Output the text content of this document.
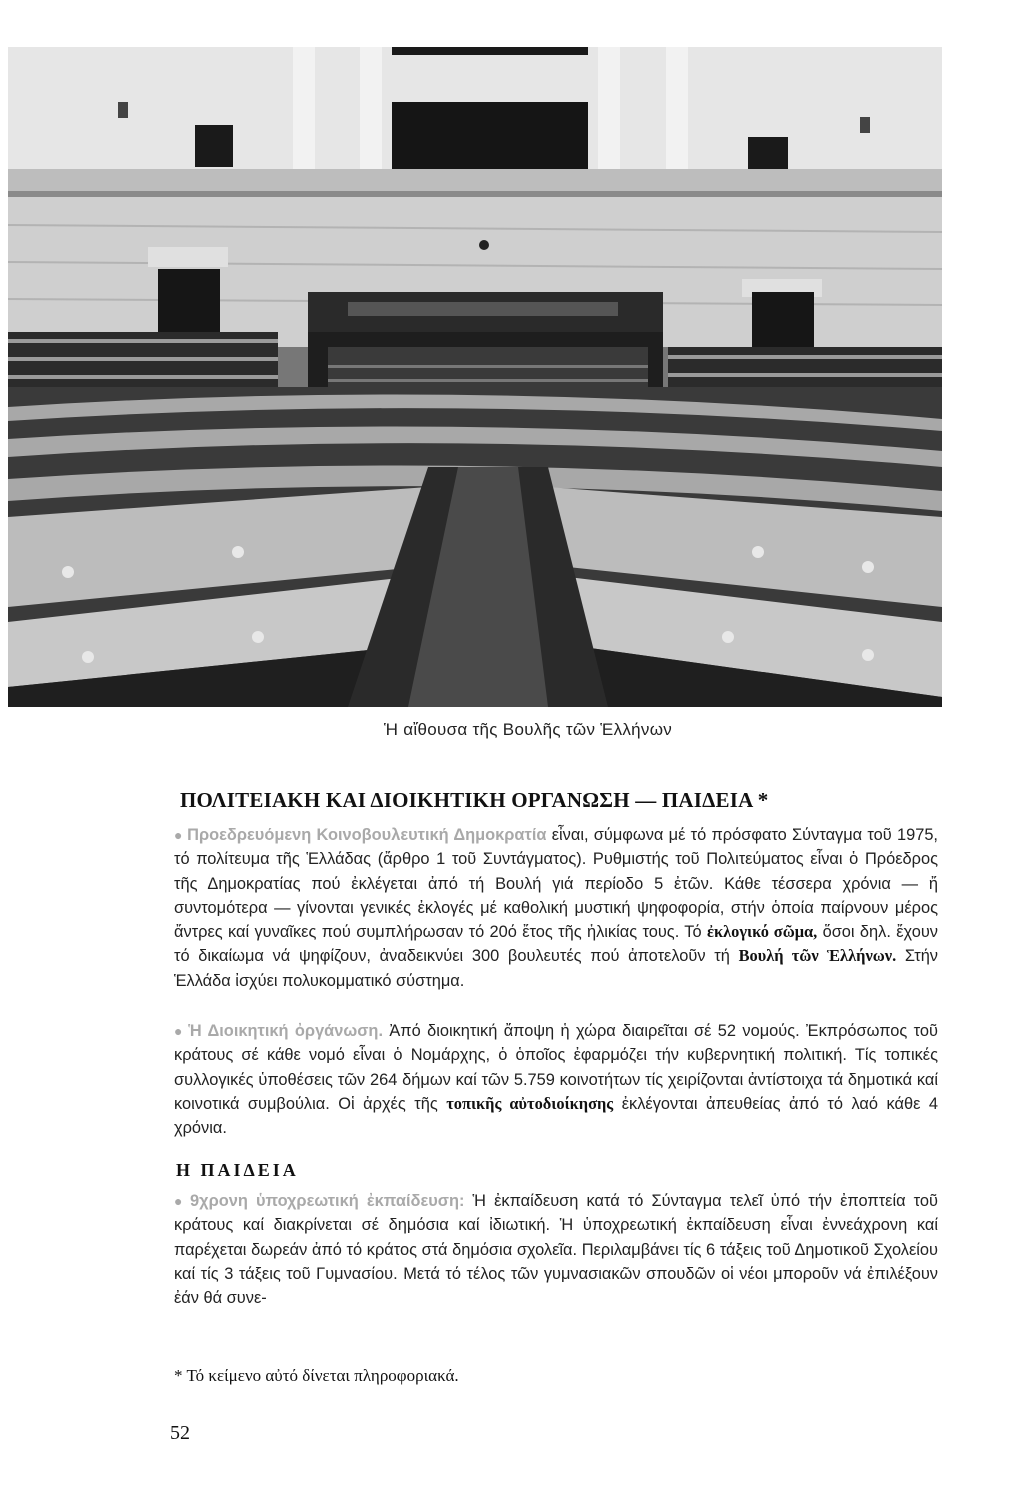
Ἡ αἴθουσα τῆς Βουλῆς τῶν Ἑλλήνων
ΠΟΛΙΤΕΙΑΚΗ ΚΑΙ ΔΙΟΙΚΗΤΙΚΗ ΟΡΓΑΝΩΣΗ — ΠΑΙΔΕΙΑ *
● Προεδρευόμενη Κοινοβουλευτική Δημοκρατία εἶναι, σύμφωνα μέ τό πρόσφατο Σύνταγμα τοῦ 1975, τό πολίτευμα τῆς Ἑλλάδας (ἄρθρο 1 τοῦ Συντάγματος). Ρυθμιστής τοῦ Πολιτεύματος εἶναι ὁ Πρόεδρος τῆς Δημοκρατίας πού ἐκλέγεται ἀπό τή Βουλή γιά περίοδο 5 ἐτῶν. Κάθε τέσσερα χρόνια — ἤ συντομότερα — γίνονται γενικές ἐκλογές μέ καθολική μυστική ψηφοφορία, στήν ὁποία παίρνουν μέρος ἄντρες καί γυναῖκες πού συμπλήρωσαν τό 20ό ἔτος τῆς ἡλικίας τους. Τό ἐκλογικό σῶμα, ὅσοι δηλ. ἔχουν τό δικαίωμα νά ψηφίζουν, ἀναδεικνύει 300 βουλευτές πού ἀποτελοῦν τή Βουλή τῶν Ἑλλήνων. Στήν Ἑλλάδα ἰσχύει πολυκομματικό σύστημα.
● Ἡ Διοικητική ὀργάνωση. Ἀπό διοικητική ἄποψη ἡ χώρα διαιρεῖται σέ 52 νομούς. Ἐκπρόσωπος τοῦ κράτους σέ κάθε νομό εἶναι ὁ Νομάρχης, ὁ ὁποῖος ἐφαρμόζει τήν κυβερνητική πολιτική. Τίς τοπικές συλλογικές ὑποθέσεις τῶν 264 δήμων καί τῶν 5.759 κοινοτήτων τίς χειρίζονται ἀντίστοιχα τά δημοτικά καί κοινοτικά συμβούλια. Οἱ ἀρχές τῆς τοπικῆς αὐτοδιοίκησης ἐκλέγονται ἀπευθείας ἀπό τό λαό κάθε 4 χρόνια.
Η ΠΑΙΔΕΙΑ
● 9χρονη ὑποχρεωτική ἐκπαίδευση: Ἡ ἐκπαίδευση κατά τό Σύνταγμα τελεῖ ὑπό τήν ἐποπτεία τοῦ κράτους καί διακρίνεται σέ δημόσια καί ἰδιωτική. Ἡ ὑποχρεωτική ἐκπαίδευση εἶναι ἐννεάχρονη καί παρέχεται δωρεάν ἀπό τό κράτος στά δημόσια σχολεῖα. Περιλαμβάνει τίς 6 τάξεις τοῦ Δημοτικοῦ Σχολείου καί τίς 3 τάξεις τοῦ Γυμνασίου. Μετά τό τέλος τῶν γυμνασιακῶν σπουδῶν οἱ νέοι μποροῦν νά ἐπιλέξουν ἐάν θά συνε-
* Τό κείμενο αὐτό δίνεται πληροφοριακά.
52
